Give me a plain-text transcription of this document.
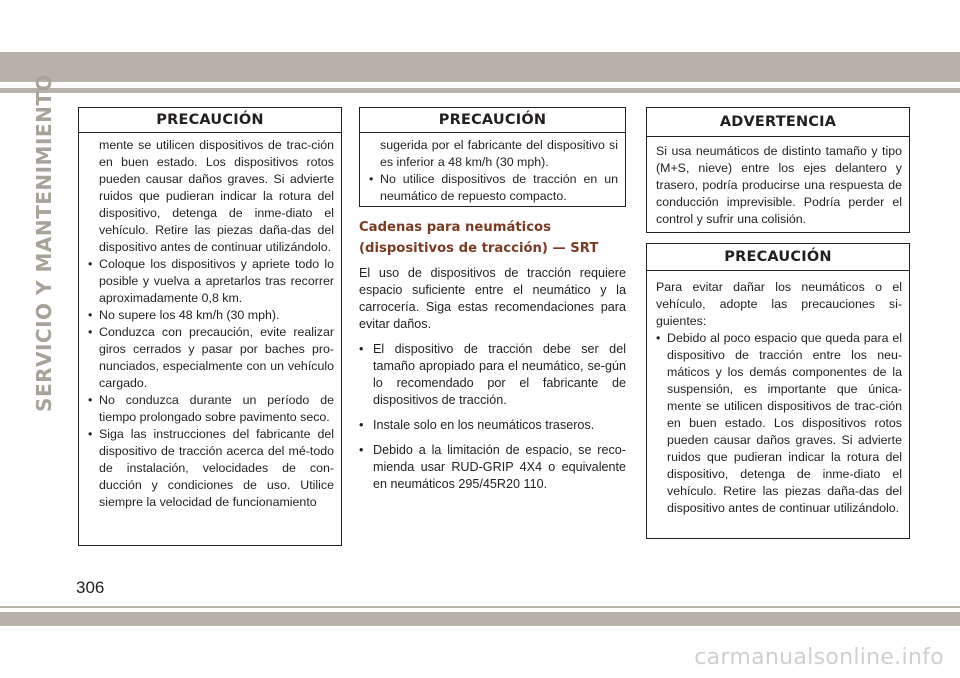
SERVICIO Y MANTENIMIENTO	PRECAUCIÓN
mente se utilicen dispositivos de trac-ción en buen estado. Los dispositivos rotos pueden causar daños graves. Si advierte ruidos que pudieran indicar la rotura del dispositivo, detenga de inme-diato el vehículo. Retire las piezas daña-das del dispositivo antes de continuar utilizándolo.
• Coloque los dispositivos y apriete todo lo posible y vuelva a apretarlos tras recorrer aproximadamente 0,8 km.
• No supere los 48 km/h (30 mph).
• Conduzca con precaución, evite realizar giros cerrados y pasar por baches pro-nunciados, especialmente con un vehículo cargado.
• No conduzca durante un período de tiempo prolongado sobre pavimento seco.
• Siga las instrucciones del fabricante del dispositivo de tracción acerca del mé-todo de instalación, velocidades de con-ducción y condiciones de uso. Utilice siempre la velocidad de funcionamiento
PRECAUCIÓN
sugerida por el fabricante del dispositivo si es inferior a 48 km/h (30 mph).
• No utilice dispositivos de tracción en un neumático de repuesto compacto.
Cadenas para neumáticos (dispositivos de tracción) — SRT

El uso de dispositivos de tracción requiere espacio suficiente entre el neumático y la carrocería. Siga estas recomendaciones para evitar daños.

• El dispositivo de tracción debe ser del tamaño apropiado para el neumático, se-gún lo recomendado por el fabricante de dispositivos de tracción.
• Instale solo en los neumáticos traseros.
• Debido a la limitación de espacio, se reco-mienda usar RUD-GRIP 4X4 o equivalente en neumáticos 295/45R20 110.
ADVERTENCIA
Si usa neumáticos de distinto tamaño y tipo (M+S, nieve) entre los ejes delantero y trasero, podría producirse una respuesta de conducción imprevisible. Podría perder el control y sufrir una colisión.
PRECAUCIÓN
Para evitar dañar los neumáticos o el vehículo, adopte las precauciones si-guientes:
• Debido al poco espacio que queda para el dispositivo de tracción entre los neu-máticos y los demás componentes de la suspensión, es importante que única-mente se utilicen dispositivos de trac-ción en buen estado. Los dispositivos rotos pueden causar daños graves. Si advierte ruidos que pudieran indicar la rotura del dispositivo, detenga de inme-diato el vehículo. Retire las piezas daña-das del dispositivo antes de continuar utilizándolo.
306
carmanualsonline.info
